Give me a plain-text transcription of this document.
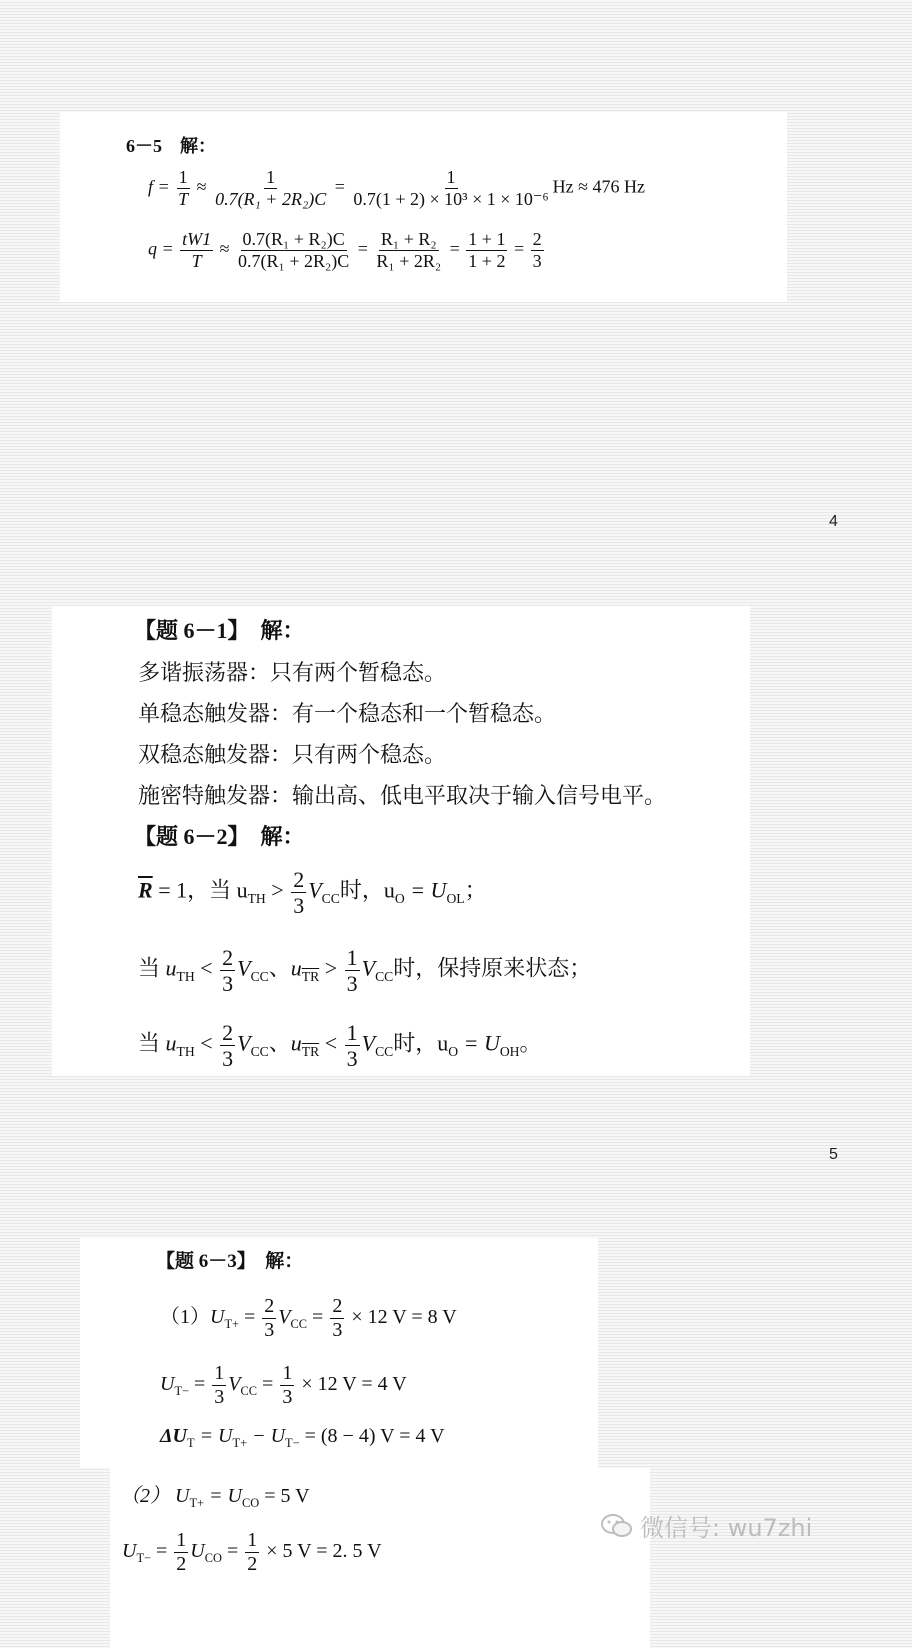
6－5　解：
$f = \frac{1}{T} \approx \frac{1}{\text{0.7(R₁ + 2R₂)C}} = \frac{1}{\text{0.7(1 + 2) × 10³ × 1 × 10⁻⁶}}$ Hz ≈ 476 Hz
$q = \frac{tW1}{T} \approx \frac{\text{0.7(R₁ + R₂)C}}{\text{0.7(R₁ + 2R₂)C}} = \frac{\text{R₁ + R₂}}{\text{R₁ + 2R₂}} = \frac{1 + 1}{1 + 2} = \frac{2}{3}$
4
【题 6－1】　解：
多谐振荡器：只有两个暂稳态。
单稳态触发器：有一个稳态和一个暂稳态。
双稳态触发器：只有两个稳态。
施密特触发器：输出高、低电平取决于输入信号电平。
【题 6－2】　解：
$\overline{R} = 1$，当 $u_{TH} > \frac{2}{3} V_{CC}$时，$u_O = U_{OL}$；
当 $u_{TH} < \frac{2}{3} V_{CC}$、$u_{\overline{TR}} > \frac{1}{3} V_{CC}$时，保持原来状态；
当 $u_{TH} < \frac{2}{3} V_{CC}$、$u_{\overline{TR}} < \frac{1}{3} V_{CC}$时，$u_O = U_{OH}$。
5
【题 6－3】　解：
$(1)U_{T+} = \frac{2}{3} V_{CC} = \frac{2}{3} \times 12$ V = 8 V
$U_{T-} = \frac{1}{3} V_{CC} = \frac{1}{3} \times 12$ V = 4 V
$\Delta U_T = U_{T+} - U_{T-} = (8 - 4) V = 4$ V
（2） $U_{T+} = U_{CO} = 5$ V
$U_{T-} = \frac{1}{2} U_{CO} = \frac{1}{2} \times 5$ V = 2. 5 V
微信号: wu7zhi
